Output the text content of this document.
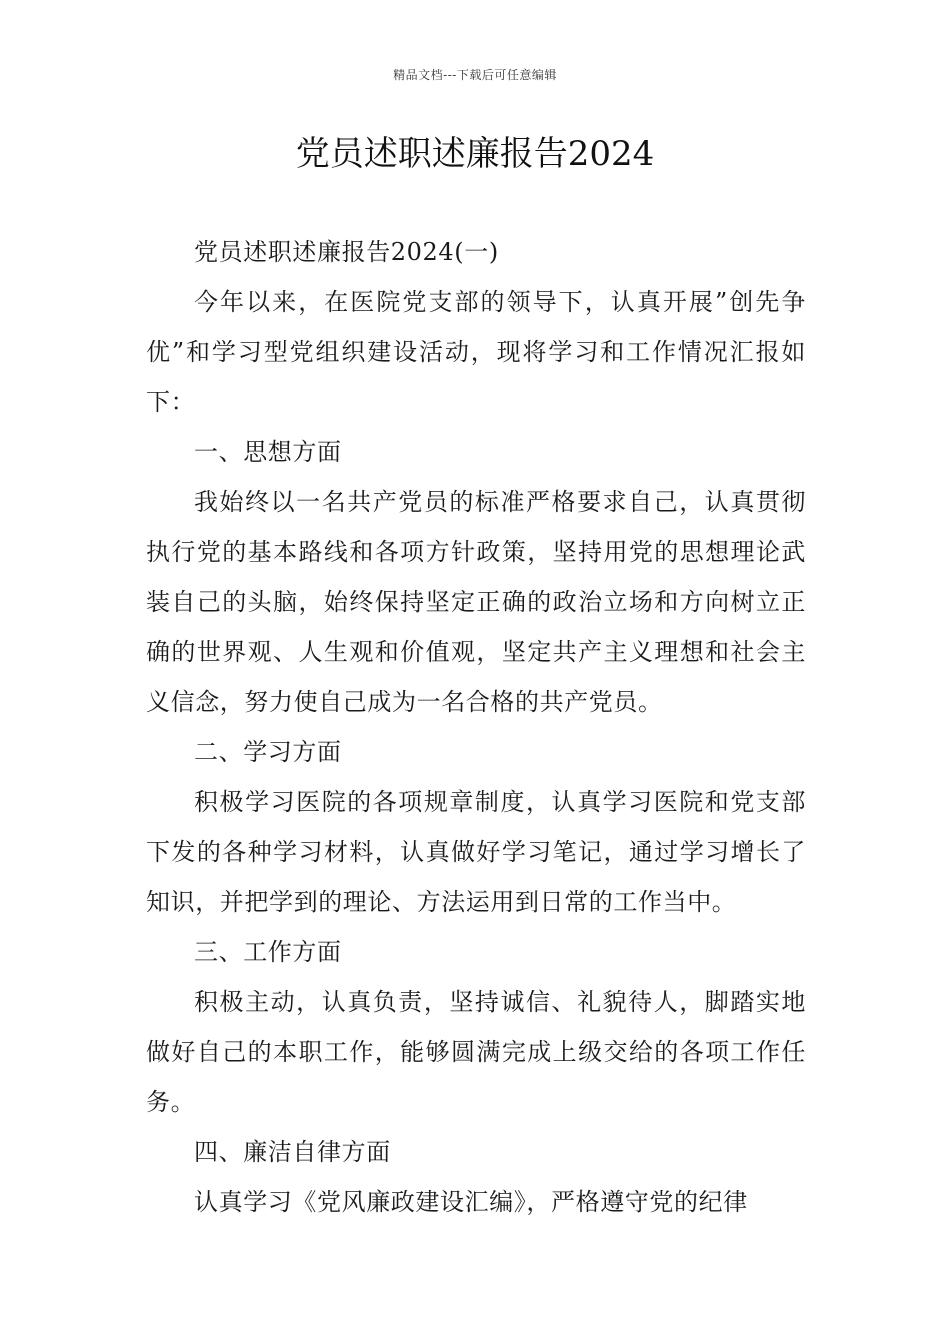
精品文档---下载后可任意编辑
党员述职述廉报告2024

党员述职述廉报告2024(一)

今年以来，在医院党支部的领导下，认真开展”创先争优”和学习型党组织建设活动，现将学习和工作情况汇报如下：

一、思想方面

我始终以一名共产党员的标准严格要求自己，认真贯彻执行党的基本路线和各项方针政策，坚持用党的思想理论武装自己的头脑，始终保持坚定正确的政治立场和方向树立正确的世界观、人生观和价值观，坚定共产主义理想和社会主义信念，努力使自己成为一名合格的共产党员。

二、学习方面

积极学习医院的各项规章制度，认真学习医院和党支部下发的各种学习材料，认真做好学习笔记，通过学习增长了知识，并把学到的理论、方法运用到日常的工作当中。

三、工作方面

积极主动，认真负责，坚持诚信、礼貌待人，脚踏实地做好自己的本职工作，能够圆满完成上级交给的各项工作任务。

四、廉洁自律方面

认真学习《党风廉政建设汇编》，严格遵守党的纪律
